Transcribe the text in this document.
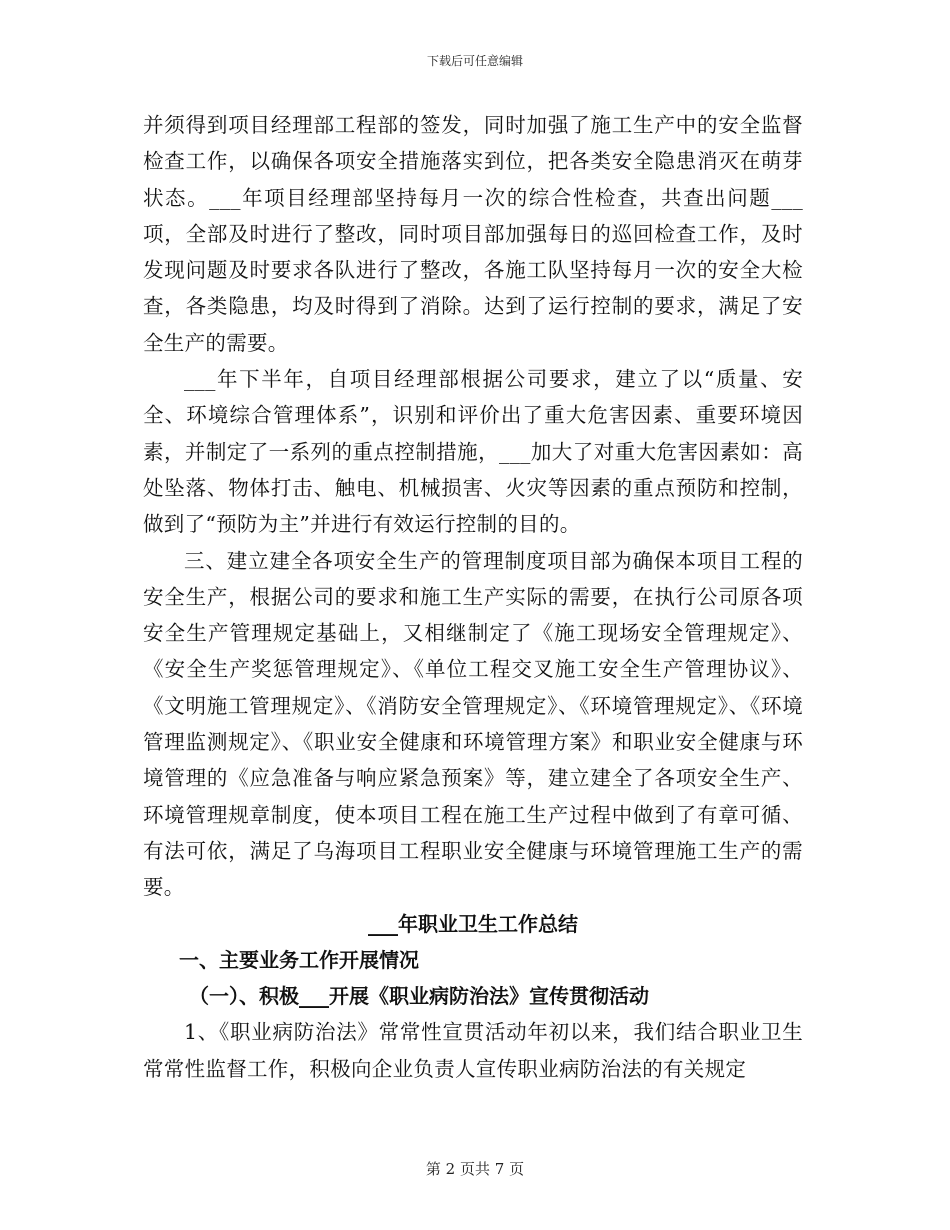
下载后可任意编辑

并须得到项目经理部工程部的签发，同时加强了施工生产中的安全监督检查工作，以确保各项安全措施落实到位，把各类安全隐患消灭在萌芽状态。___年项目经理部坚持每月一次的综合性检查，共查出问题___项，全部及时进行了整改，同时项目部加强每日的巡回检查工作，及时发现问题及时要求各队进行了整改，各施工队坚持每月一次的安全大检查，各类隐患，均及时得到了消除。达到了运行控制的要求，满足了安全生产的需要。

___年下半年，自项目经理部根据公司要求，建立了以“质量、安全、环境综合管理体系”，识别和评价出了重大危害因素、重要环境因素，并制定了一系列的重点控制措施，___加大了对重大危害因素如：高处坠落、物体打击、触电、机械损害、火灾等因素的重点预防和控制，做到了“预防为主”并进行有效运行控制的目的。

三、建立建全各项安全生产的管理制度项目部为确保本项目工程的安全生产，根据公司的要求和施工生产实际的需要，在执行公司原各项安全生产管理规定基础上，又相继制定了《施工现场安全管理规定》、《安全生产奖惩管理规定》、《单位工程交叉施工安全生产管理协议》、《文明施工管理规定》、《消防安全管理规定》、《环境管理规定》、《环境管理监测规定》、《职业安全健康和环境管理方案》和职业安全健康与环境管理的《应急准备与响应紧急预案》等，建立建全了各项安全生产、环境管理规章制度，使本项目工程在施工生产过程中做到了有章可循、有法可依，满足了乌海项目工程职业安全健康与环境管理施工生产的需要。

___年职业卫生工作总结

一、主要业务工作开展情况

（一）、积极___开展《职业病防治法》宣传贯彻活动

1、《职业病防治法》常常性宣贯活动年初以来，我们结合职业卫生常常性监督工作，积极向企业负责人宣传职业病防治法的有关规定

第 2 页共 7 页
